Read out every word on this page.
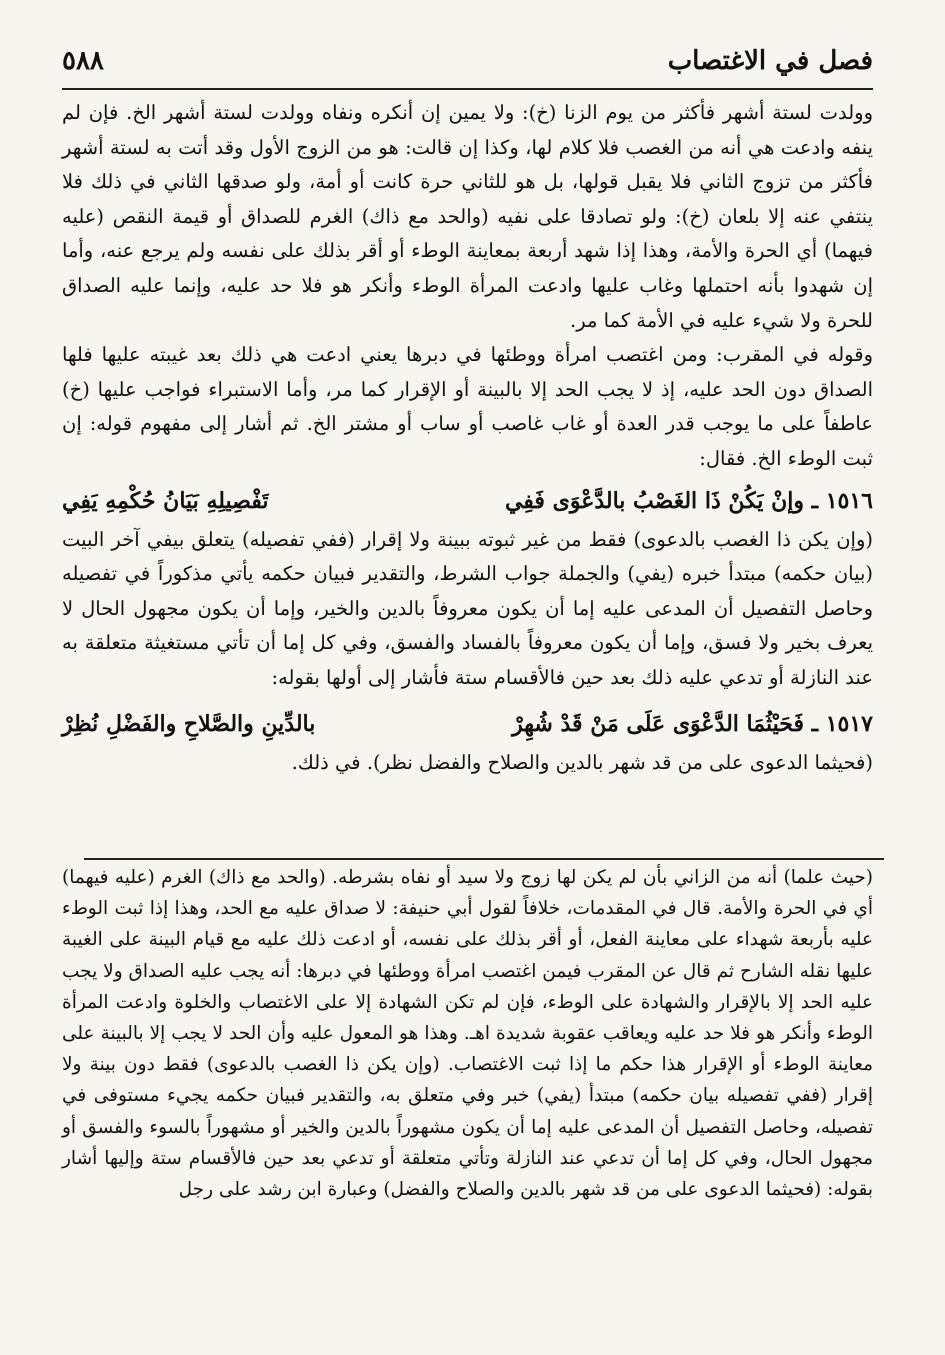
فصل في الاغتصاب
٥٨٨

وولدت لستة أشهر فأكثر من يوم الزنا (خ): ولا يمين إن أنكره ونفاه وولدت لستة أشهر الخ. فإن لم ينفه وادعت هي أنه من الغصب فلا كلام لها، وكذا إن قالت: هو من الزوج الأول وقد أتت به لستة أشهر فأكثر من تزوج الثاني فلا يقبل قولها، بل هو للثاني حرة كانت أو أمة، ولو صدقها الثاني في ذلك فلا ينتفي عنه إلا بلعان (خ): ولو تصادقا على نفيه (والحد مع ذاك) الغرم للصداق أو قيمة النقص (عليه فيهما) أي الحرة والأمة، وهذا إذا شهد أربعة بمعاينة الوطء أو أقر بذلك على نفسه ولم يرجع عنه، وأما إن شهدوا بأنه احتملها وغاب عليها وادعت المرأة الوطء وأنكر هو فلا حد عليه، وإنما عليه الصداق للحرة ولا شيء عليه في الأمة كما مر.

وقوله في المقرب: ومن اغتصب امرأة ووطئها في دبرها يعني ادعت هي ذلك بعد غيبته عليها فلها الصداق دون الحد عليه، إذ لا يجب الحد إلا بالبينة أو الإقرار كما مر، وأما الاستبراء فواجب عليها (خ) عاطفاً على ما يوجب قدر العدة أو غاب غاصب أو ساب أو مشتر الخ. ثم أشار إلى مفهوم قوله: إن ثبت الوطء الخ. فقال:

١٥١٦ ـ وإنْ يَكُنْ ذَا الغَصْبُ بالدَّعْوَى فَفِي
تَفْصِيلِهِ بَيَانُ حُكْمِهِ يَفِي

(وإن يكن ذا الغصب بالدعوى) فقط من غير ثبوته ببينة ولا إقرار (ففي تفصيله) يتعلق بيفي آخر البيت (بيان حكمه) مبتدأ خبره (يفي) والجملة جواب الشرط، والتقدير فبيان حكمه يأتي مذكوراً في تفصيله وحاصل التفصيل أن المدعى عليه إما أن يكون معروفاً بالدين والخير، وإما أن يكون مجهول الحال لا يعرف بخير ولا فسق، وإما أن يكون معروفاً بالفساد والفسق، وفي كل إما أن تأتي مستغيثة متعلقة به عند النازلة أو تدعي عليه ذلك بعد حين فالأقسام ستة فأشار إلى أولها بقوله:

١٥١٧ ـ فَحَيْثُمَا الدَّعْوَى عَلَى مَنْ قَدْ شُهِرْ
بالدِّينِ والصَّلاحِ والفَضْلِ نُظِرْ

(فحيثما الدعوى على من قد شهر بالدين والصلاح والفضل نظر). في ذلك.

(حيث علما) أنه من الزاني بأن لم يكن لها زوج ولا سيد أو نفاه بشرطه. (والحد مع ذاك) الغرم (عليه فيهما) أي في الحرة والأمة. قال في المقدمات، خلافاً لقول أبي حنيفة: لا صداق عليه مع الحد، وهذا إذا ثبت الوطء عليه بأربعة شهداء على معاينة الفعل، أو أقر بذلك على نفسه، أو ادعت ذلك عليه مع قيام البينة على الغيبة عليها نقله الشارح ثم قال عن المقرب فيمن اغتصب امرأة ووطئها في دبرها: أنه يجب عليه الصداق ولا يجب عليه الحد إلا بالإقرار والشهادة على الوطء، فإن لم تكن الشهادة إلا على الاغتصاب والخلوة وادعت المرأة الوطء وأنكر هو فلا حد عليه ويعاقب عقوبة شديدة اهـ. وهذا هو المعول عليه وأن الحد لا يجب إلا بالبينة على معاينة الوطء أو الإقرار هذا حكم ما إذا ثبت الاغتصاب. (وإن يكن ذا الغصب بالدعوى) فقط دون بينة ولا إقرار (ففي تفصيله بيان حكمه) مبتدأ (يفي) خبر وفي متعلق به، والتقدير فبيان حكمه يجيء مستوفى في تفصيله، وحاصل التفصيل أن المدعى عليه إما أن يكون مشهوراً بالدين والخير أو مشهوراً بالسوء والفسق أو مجهول الحال، وفي كل إما أن تدعي عند النازلة وتأتي متعلقة أو تدعي بعد حين فالأقسام ستة وإليها أشار بقوله: (فحيثما الدعوى على من قد شهر بالدين والصلاح والفضل) وعبارة ابن رشد على رجل
